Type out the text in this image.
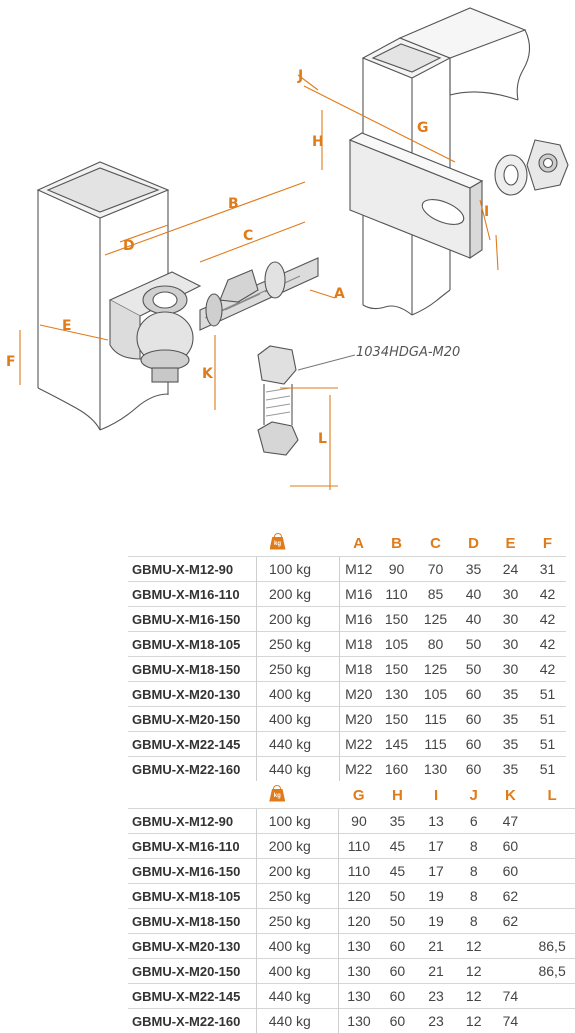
B
C
D
E
F
G
H
I
J
K
L
A
1034HDGA-M20

	kg	A	B	C	D	E	F
GBMU-X-M12-90	100 kg	M12	90	70	35	24	31
GBMU-X-M16-110	200 kg	M16	110	85	40	30	42
GBMU-X-M16-150	200 kg	M16	150	125	40	30	42
GBMU-X-M18-105	250 kg	M18	105	80	50	30	42
GBMU-X-M18-150	250 kg	M18	150	125	50	30	42
GBMU-X-M20-130	400 kg	M20	130	105	60	35	51
GBMU-X-M20-150	400 kg	M20	150	115	60	35	51
GBMU-X-M22-145	440 kg	M22	145	115	60	35	51
GBMU-X-M22-160	440 kg	M22	160	130	60	35	51

	kg	G	H	I	J	K	L
GBMU-X-M12-90	100 kg	90	35	13	6	47	
GBMU-X-M16-110	200 kg	110	45	17	8	60	
GBMU-X-M16-150	200 kg	110	45	17	8	60	
GBMU-X-M18-105	250 kg	120	50	19	8	62	
GBMU-X-M18-150	250 kg	120	50	19	8	62	
GBMU-X-M20-130	400 kg	130	60	21	12		86,5
GBMU-X-M20-150	400 kg	130	60	21	12		86,5
GBMU-X-M22-145	440 kg	130	60	23	12	74	
GBMU-X-M22-160	440 kg	130	60	23	12	74	
